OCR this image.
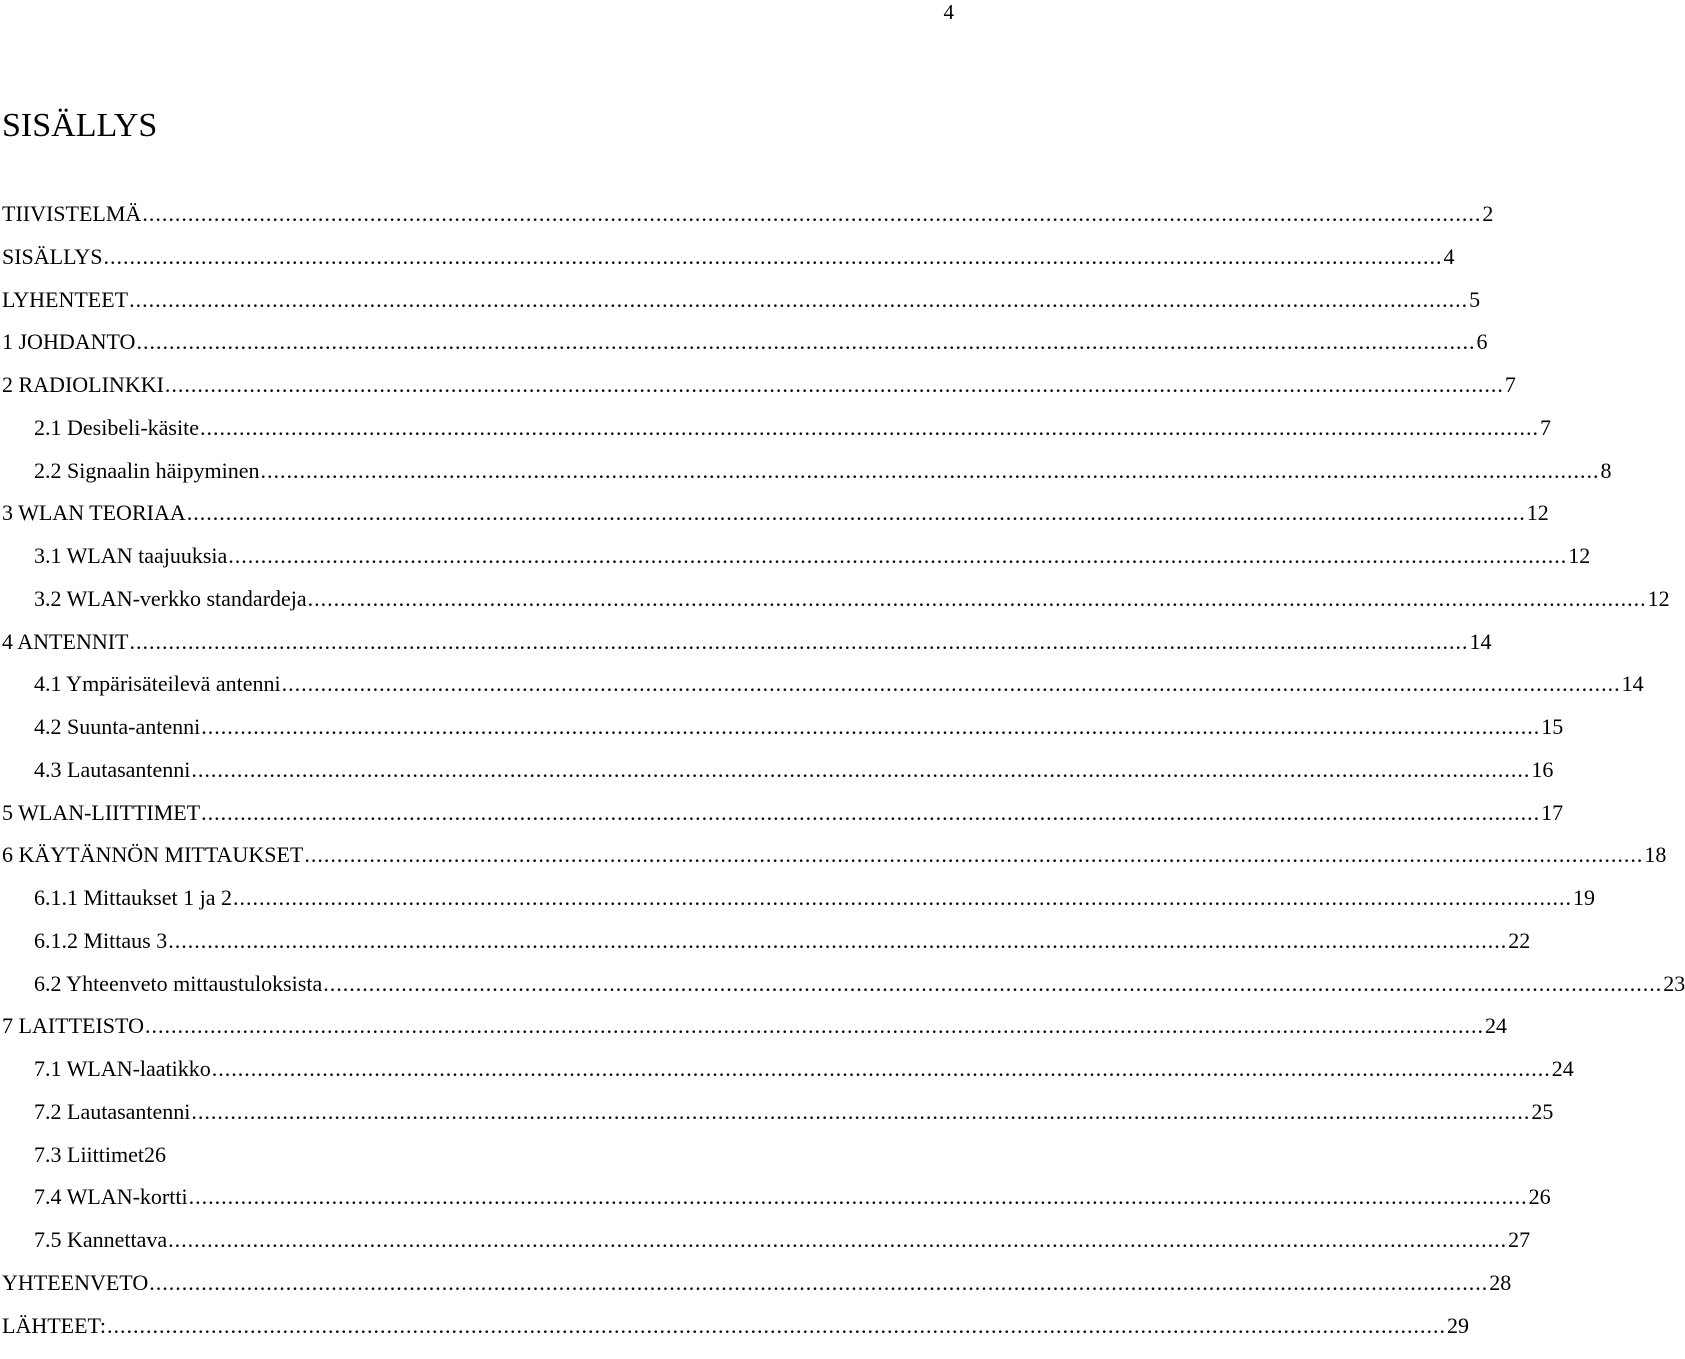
4
SISÄLLYS
TIIVISTELMÄ .............................................................................................................................................................................................................. 2
SISÄLLYS .............................................................................................................................................................................................................. 4
LYHENTEET .............................................................................................................................................................................................................. 5
1 JOHDANTO .............................................................................................................................................................................................................. 6
2 RADIOLINKKI .............................................................................................................................................................................................................. 7
2.1 Desibeli-käsite .............................................................................................................................................................................................................. 7
2.2 Signaalin häipyminen .............................................................................................................................................................................................................. 8
3 WLAN TEORIAA .............................................................................................................................................................................................................. 12
3.1 WLAN taajuuksia .............................................................................................................................................................................................................. 12
3.2 WLAN-verkko standardeja .............................................................................................................................................................................................................. 12
4 ANTENNIT .............................................................................................................................................................................................................. 14
4.1 Ympärisäteilevä antenni .............................................................................................................................................................................................................. 14
4.2 Suunta-antenni .............................................................................................................................................................................................................. 15
4.3 Lautasantenni .............................................................................................................................................................................................................. 16
5 WLAN-LIITTIMET .............................................................................................................................................................................................................. 17
6 KÄYTÄNNÖN MITTAUKSET .............................................................................................................................................................................................................. 18
6.1.1 Mittaukset 1 ja 2 .............................................................................................................................................................................................................. 19
6.1.2 Mittaus 3 .............................................................................................................................................................................................................. 22
6.2 Yhteenveto mittaustuloksista .............................................................................................................................................................................................................. 23
7 LAITTEISTO .............................................................................................................................................................................................................. 24
7.1 WLAN-laatikko .............................................................................................................................................................................................................. 24
7.2 Lautasantenni .............................................................................................................................................................................................................. 25
7.3 Liittimet26
7.4 WLAN-kortti .............................................................................................................................................................................................................. 26
7.5 Kannettava .............................................................................................................................................................................................................. 27
YHTEENVETO .............................................................................................................................................................................................................. 28
LÄHTEET: .............................................................................................................................................................................................................. 29
